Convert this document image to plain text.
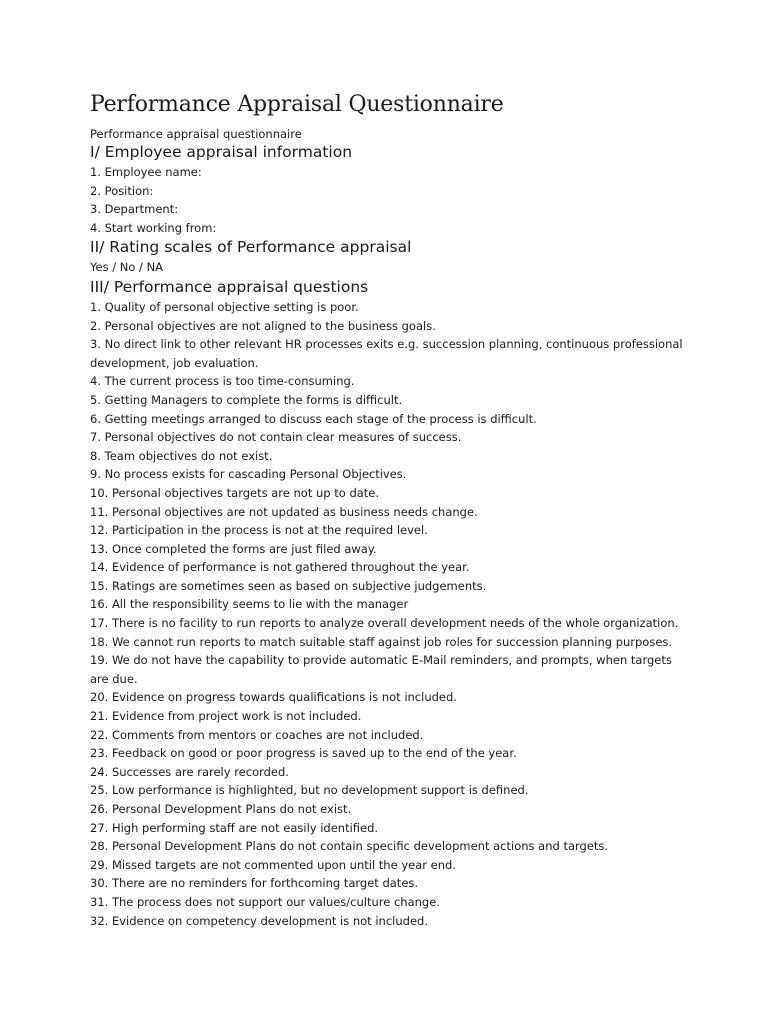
Performance Appraisal Questionnaire

Performance appraisal questionnaire

I/ Employee appraisal information
1. Employee name:
2. Position:
3. Department:
4. Start working from:
II/ Rating scales of Performance appraisal

Yes / No / NA

III/ Performance appraisal questions
1. Quality of personal objective setting is poor.
2. Personal objectives are not aligned to the business goals.
3. No direct link to other relevant HR processes exits e.g. succession planning, continuous professional development, job evaluation.
4. The current process is too time-consuming.
5. Getting Managers to complete the forms is difficult.
6. Getting meetings arranged to discuss each stage of the process is difficult.
7. Personal objectives do not contain clear measures of success.
8. Team objectives do not exist.
9. No process exists for cascading Personal Objectives.
10. Personal objectives targets are not up to date.
11. Personal objectives are not updated as business needs change.
12. Participation in the process is not at the required level.
13. Once completed the forms are just filed away.
14. Evidence of performance is not gathered throughout the year.
15. Ratings are sometimes seen as based on subjective judgements.
16. All the responsibility seems to lie with the manager
17. There is no facility to run reports to analyze overall development needs of the whole organization.
18. We cannot run reports to match suitable staff against job roles for succession planning purposes.
19. We do not have the capability to provide automatic E-Mail reminders, and prompts, when targets are due.
20. Evidence on progress towards qualifications is not included.
21. Evidence from project work is not included.
22. Comments from mentors or coaches are not included.
23. Feedback on good or poor progress is saved up to the end of the year.
24. Successes are rarely recorded.
25. Low performance is highlighted, but no development support is defined.
26. Personal Development Plans do not exist.
27. High performing staff are not easily identified.
28. Personal Development Plans do not contain specific development actions and targets.
29. Missed targets are not commented upon until the year end.
30. There are no reminders for forthcoming target dates.
31. The process does not support our values/culture change.
32. Evidence on competency development is not included.
